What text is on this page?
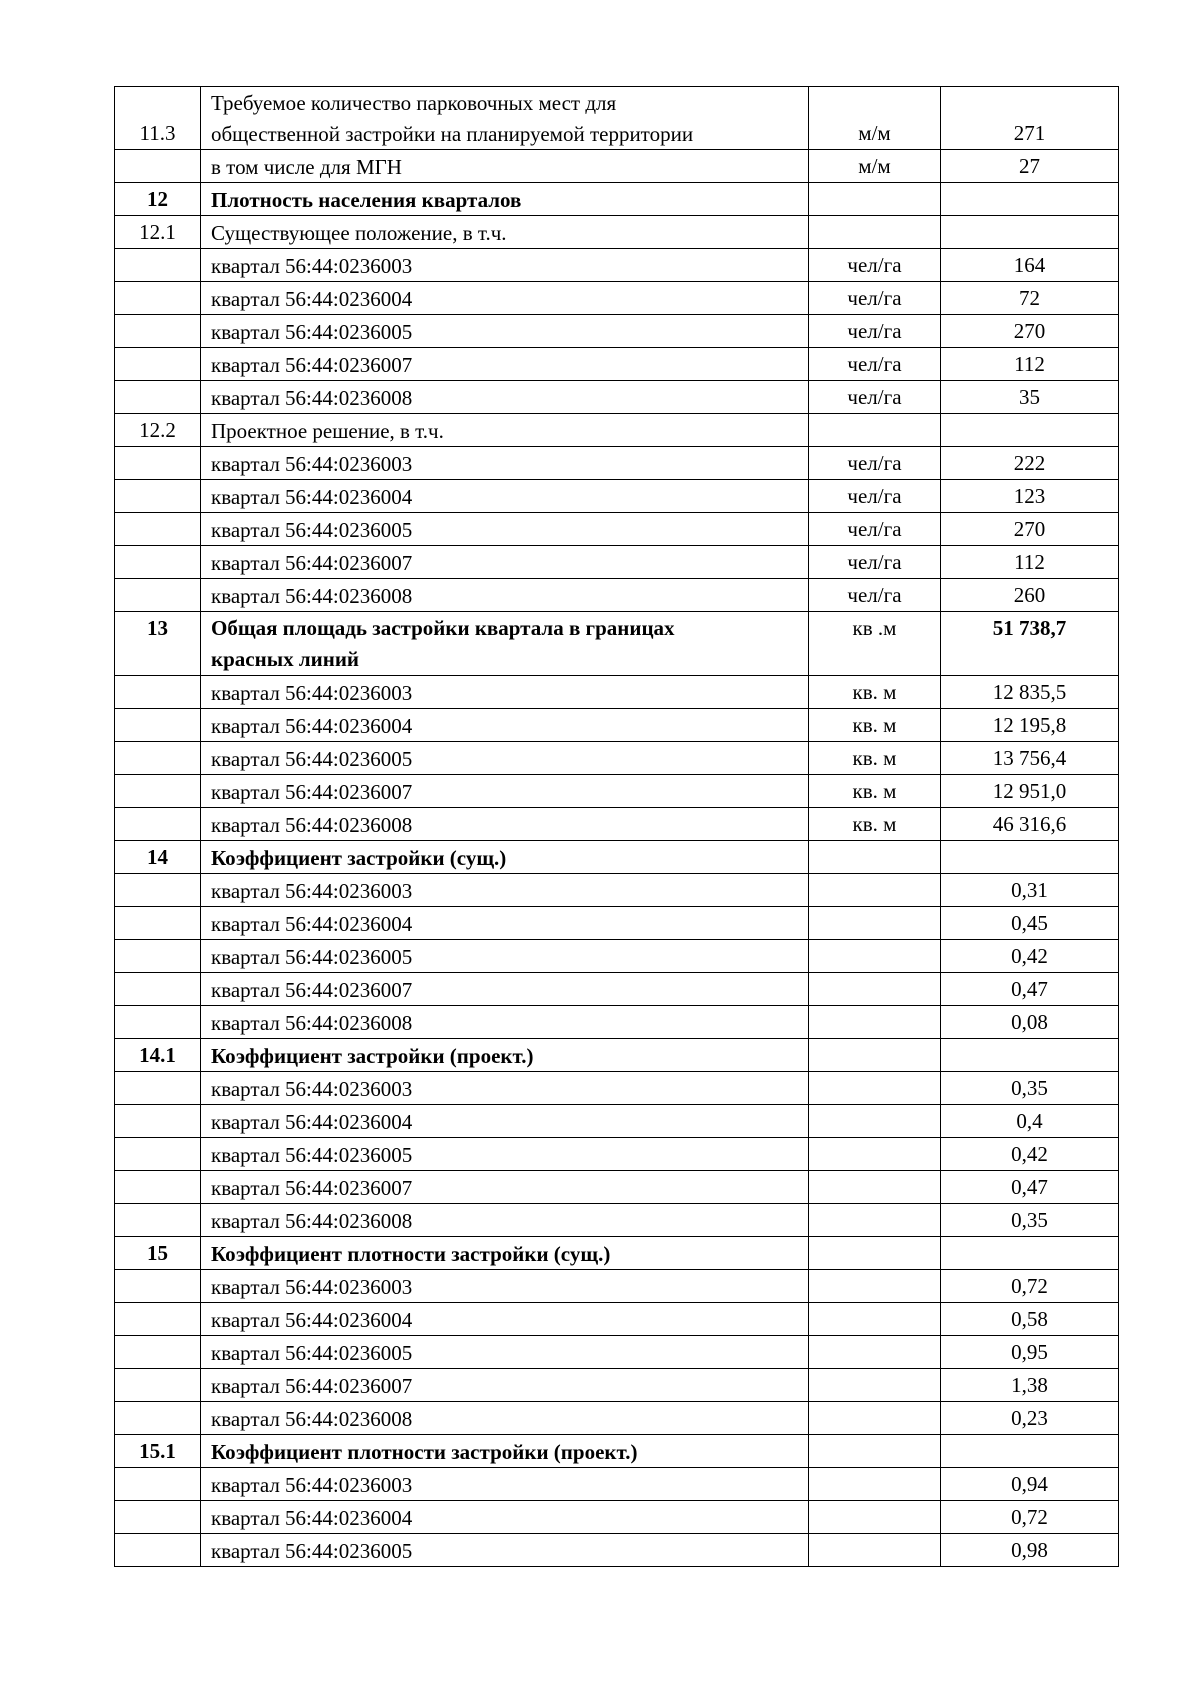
11.3	Требуемое количество парковочных мест для
общественной застройки на планируемой территории	м/м	271

	в том числе для МГН	м/м	27
12	Плотность населения кварталов		

12.1	Существующее положение, в т.ч.		

	квартал 56:44:0236003	чел/га	164

	квартал 56:44:0236004	чел/га	72

	квартал 56:44:0236005	чел/га	270

	квартал 56:44:0236007	чел/га	112

	квартал 56:44:0236008	чел/га	35
12.2	Проектное решение, в т.ч.		

	квартал 56:44:0236003	чел/га	222

	квартал 56:44:0236004	чел/га	123

	квартал 56:44:0236005	чел/га	270

	квартал 56:44:0236007	чел/га	112

	квартал 56:44:0236008	чел/га	260

13	Общая площадь застройки квартала в границах
красных линий	кв .м	51 738,7

	квартал 56:44:0236003	кв. м	12 835,5

	квартал 56:44:0236004	кв. м	12 195,8

	квартал 56:44:0236005	кв. м	13 756,4

	квартал 56:44:0236007	кв. м	12 951,0

	квартал 56:44:0236008	кв. м	46 316,6
14	Коэффициент застройки (сущ.)		

	квартал 56:44:0236003		0,31

	квартал 56:44:0236004		0,45

	квартал 56:44:0236005		0,42

	квартал 56:44:0236007		0,47

	квартал 56:44:0236008		0,08
14.1	Коэффициент застройки (проект.)		

	квартал 56:44:0236003		0,35

	квартал 56:44:0236004		0,4

	квартал 56:44:0236005		0,42

	квартал 56:44:0236007		0,47

	квартал 56:44:0236008		0,35
15	Коэффициент плотности застройки (сущ.)		

	квартал 56:44:0236003		0,72

	квартал 56:44:0236004		0,58

	квартал 56:44:0236005		0,95

	квартал 56:44:0236007		1,38

	квартал 56:44:0236008		0,23
15.1	Коэффициент плотности застройки (проект.)		

	квартал 56:44:0236003		0,94

	квартал 56:44:0236004		0,72

	квартал 56:44:0236005		0,98
